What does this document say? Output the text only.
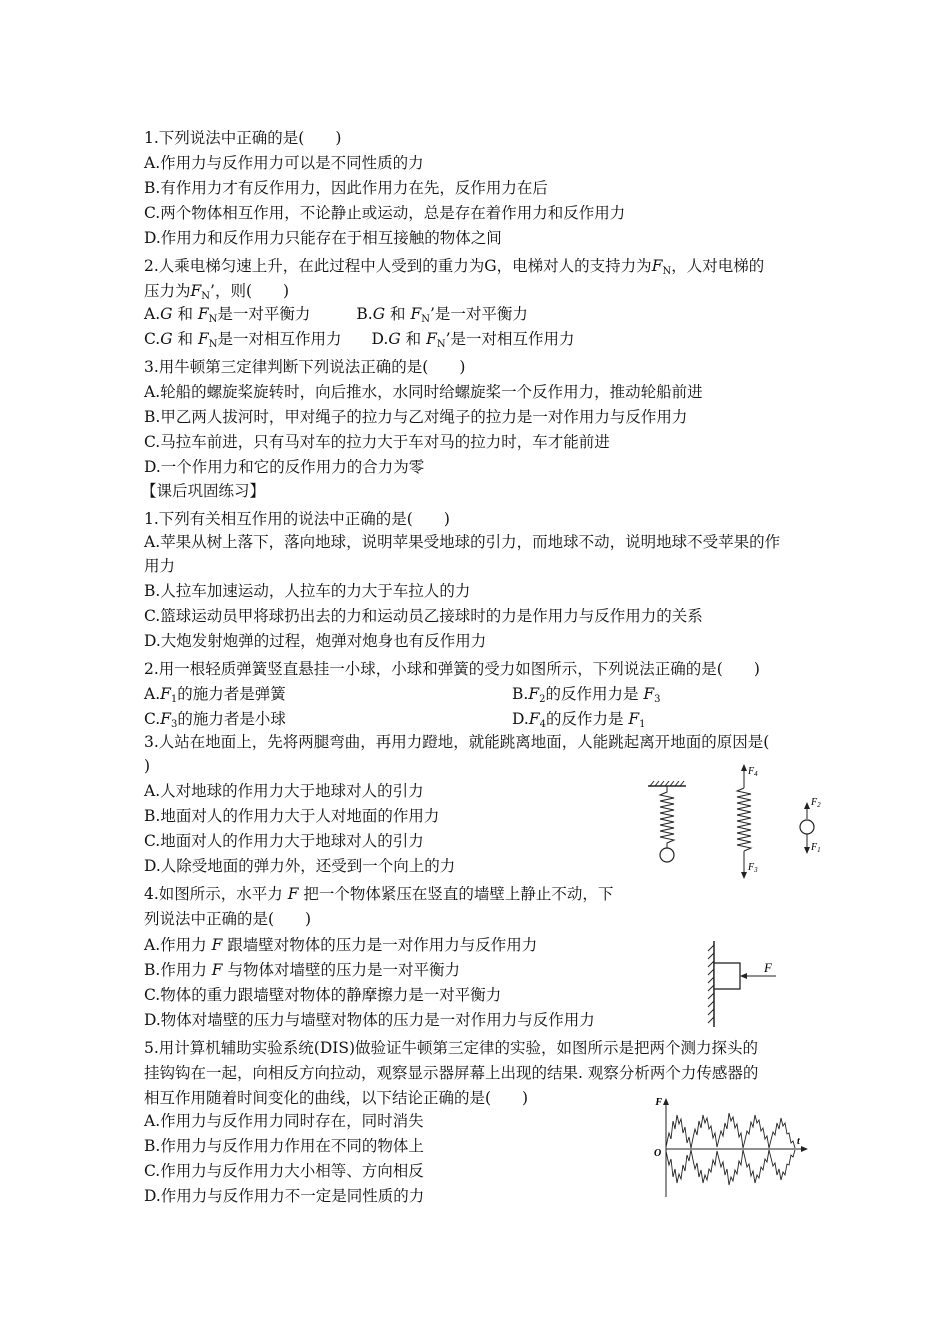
1.下列说法中正确的是(　　)
A.作用力与反作用力可以是不同性质的力
B.有作用力才有反作用力，因此作用力在先，反作用力在后
C.两个物体相互作用，不论静止或运动，总是存在着作用力和反作用力
D.作用力和反作用力只能存在于相互接触的物体之间
2.人乘电梯匀速上升，在此过程中人受到的重力为G，电梯对人的支持力为$F_N$，人对电梯的
压力为$F_N$’，则(　　)
A.G 和 $F_N$是一对平衡力	B.G 和 $F_N$’是一对平衡力
C.G 和 $F_N$是一对相互作用力 D.G 和 $F_N$’是一对相互作用力
3.用牛顿第三定律判断下列说法正确的是(　　)
A.轮船的螺旋桨旋转时，向后推水，水同时给螺旋桨一个反作用力，推动轮船前进
B.甲乙两人拔河时，甲对绳子的拉力与乙对绳子的拉力是一对作用力与反作用力
C.马拉车前进，只有马对车的拉力大于车对马的拉力时，车才能前进
D.一个作用力和它的反作用力的合力为零
【课后巩固练习】
1.下列有关相互作用的说法中正确的是(　　)
A.苹果从树上落下，落向地球，说明苹果受地球的引力，而地球不动，说明地球不受苹果的作
用力
B.人拉车加速运动，人拉车的力大于车拉人的力
C.篮球运动员甲将球扔出去的力和运动员乙接球时的力是作用力与反作用力的关系
D.大炮发射炮弹的过程，炮弹对炮身也有反作用力
2.用一根轻质弹簧竖直悬挂一小球，小球和弹簧的受力如图所示，下列说法正确的是(　　)
$A.F_1$的施力者是弹簧	$B.F_2$的反作用力是 $F_3$
$C.F_3$的施力者是小球	$D.F_4$的反作力是 $F_1$
3.人站在地面上，先将两腿弯曲，再用力蹬地，就能跳离地面，人能跳起离开地面的原因是(
)
A.人对地球的作用力大于地球对人的引力
B.地面对人的作用力大于人对地面的作用力
C.地面对人的作用力大于地球对人的引力
D.人除受地面的弹力外，还受到一个向上的力
4.如图所示，水平力 F 把一个物体紧压在竖直的墙壁上静止不动，下
列说法中正确的是(　　)
A.作用力 F 跟墙壁对物体的压力是一对作用力与反作用力
B.作用力 F 与物体对墙壁的压力是一对平衡力
C.物体的重力跟墙壁对物体的静摩擦力是一对平衡力
D.物体对墙壁的压力与墙壁对物体的压力是一对作用力与反作用力
5.用计算机辅助实验系统(DIS)做验证牛顿第三定律的实验，如图所示是把两个测力探头的
挂钩钩在一起，向相反方向拉动，观察显示器屏幕上出现的结果. 观察分析两个力传感器的
相互作用随着时间变化的曲线，以下结论正确的是(　　)
A.作用力与反作用力同时存在，同时消失
B.作用力与反作用力作用在不同的物体上
C.作用力与反作用力大小相等、方向相反
D.作用力与反作用力不一定是同性质的力
$F_4$
$F_3$
$F_2$
$F_1$
F
F
t
O
